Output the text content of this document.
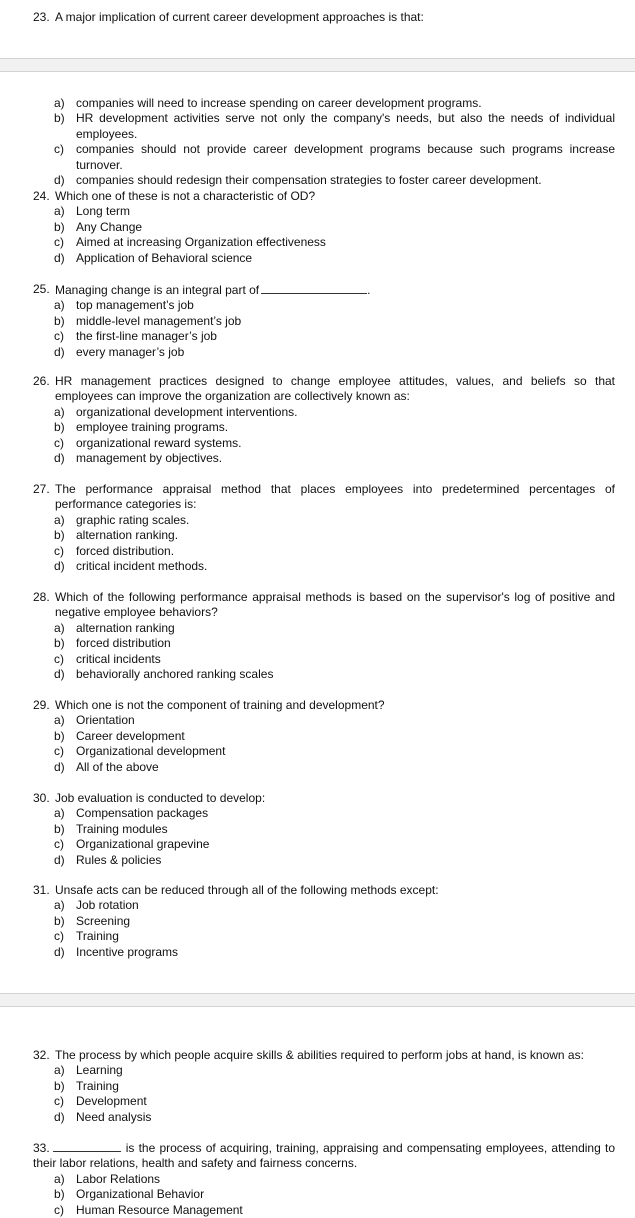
23. A major implication of current career development approaches is that:
a) companies will need to increase spending on career development programs.
b) HR development activities serve not only the company's needs, but also the needs of individual employees.
c) companies should not provide career development programs because such programs increase turnover.
d) companies should redesign their compensation strategies to foster career development.
24. Which one of these is not a characteristic of OD?
a) Long term
b) Any Change
c) Aimed at increasing Organization effectiveness
d) Application of Behavioral science
25. Managing change is an integral part of	.
a) top management’s job
b) middle-level management’s job
c) the first-line manager’s job
d) every manager’s job
26. HR management practices designed to change employee attitudes, values, and beliefs so that employees can improve the organization are collectively known as:
a) organizational development interventions.
b) employee training programs.
c) organizational reward systems.
d) management by objectives.
27. The performance appraisal method that places employees into predetermined percentages of performance categories is:
a) graphic rating scales.
b) alternation ranking.
c) forced distribution.
d) critical incident methods.
28. Which of the following performance appraisal methods is based on the supervisor's log of positive and negative employee behaviors?
a) alternation ranking
b) forced distribution
c) critical incidents
d) behaviorally anchored ranking scales
29. Which one is not the component of training and development?
a) Orientation
b) Career development
c) Organizational development
d) All of the above
30. Job evaluation is conducted to develop:
a) Compensation packages
b) Training modules
c) Organizational grapevine
d) Rules & policies
31. Unsafe acts can be reduced through all of the following methods except:
a) Job rotation
b) Screening
c) Training
d) Incentive programs
32. The process by which people acquire skills & abilities required to perform jobs at hand, is known as:
a) Learning
b) Training
c) Development
d) Need analysis
33.	is the process of acquiring, training, appraising and compensating employees, attending to their labor relations, health and safety and fairness concerns.
a) Labor Relations
b) Organizational Behavior
c) Human Resource Management
